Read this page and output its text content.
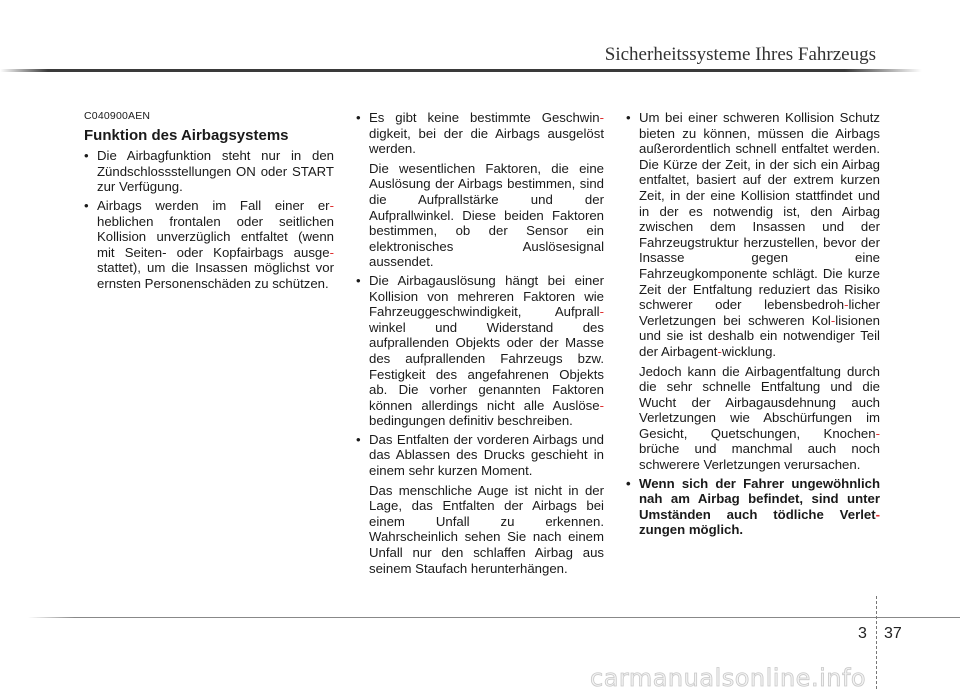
Sicherheitssysteme Ihres Fahrzeugs
C040900AEN
Funktion des Airbagsystems
• Die Airbagfunktion steht nur in den Zündschlossstellungen ON oder START zur Verfügung.
• Airbags werden im Fall einer er-heblichen frontalen oder seitlichen Kollision unverzüglich entfaltet (wenn mit Seiten- oder Kopfairbags ausge-stattet), um die Insassen möglichst vor ernsten Personenschäden zu schützen.
• Es gibt keine bestimmte Geschwin-digkeit, bei der die Airbags ausgelöst werden.
Die wesentlichen Faktoren, die eine Auslösung der Airbags bestimmen, sind die Aufprallstärke und der Aufprallwinkel. Diese beiden Faktoren bestimmen, ob der Sensor ein elektronisches Auslösesignal aussendet.
• Die Airbagauslösung hängt bei einer Kollision von mehreren Faktoren wie Fahrzeuggeschwindigkeit, Aufprall-winkel und Widerstand des aufprallenden Objekts oder der Masse des aufprallenden Fahrzeugs bzw. Festigkeit des angefahrenen Objekts ab. Die vorher genannten Faktoren können allerdings nicht alle Auslöse-bedingungen definitiv beschreiben.
• Das Entfalten der vorderen Airbags und das Ablassen des Drucks geschieht in einem sehr kurzen Moment.
Das menschliche Auge ist nicht in der Lage, das Entfalten der Airbags bei einem Unfall zu erkennen. Wahrscheinlich sehen Sie nach einem Unfall nur den schlaffen Airbag aus seinem Staufach herunterhängen.
• Um bei einer schweren Kollision Schutz bieten zu können, müssen die Airbags außerordentlich schnell entfaltet werden. Die Kürze der Zeit, in der sich ein Airbag entfaltet, basiert auf der extrem kurzen Zeit, in der eine Kollision stattfindet und in der es notwendig ist, den Airbag zwischen dem Insassen und der Fahrzeugstruktur herzustellen, bevor der Insasse gegen eine Fahrzeugkomponente schlägt. Die kurze Zeit der Entfaltung reduziert das Risiko schwerer oder lebensbedroh-licher Verletzungen bei schweren Kol-lisionen und sie ist deshalb ein notwendiger Teil der Airbagent-wicklung.
Jedoch kann die Airbagentfaltung durch die sehr schnelle Entfaltung und die Wucht der Airbagausdehnung auch Verletzungen wie Abschürfungen im Gesicht, Quetschungen, Knochen-brüche und manchmal auch noch schwerere Verletzungen verursachen.
• Wenn sich der Fahrer ungewöhnlich nah am Airbag befindet, sind unter Umständen auch tödliche Verlet-zungen möglich.
3 37
carmanualsonline.info
